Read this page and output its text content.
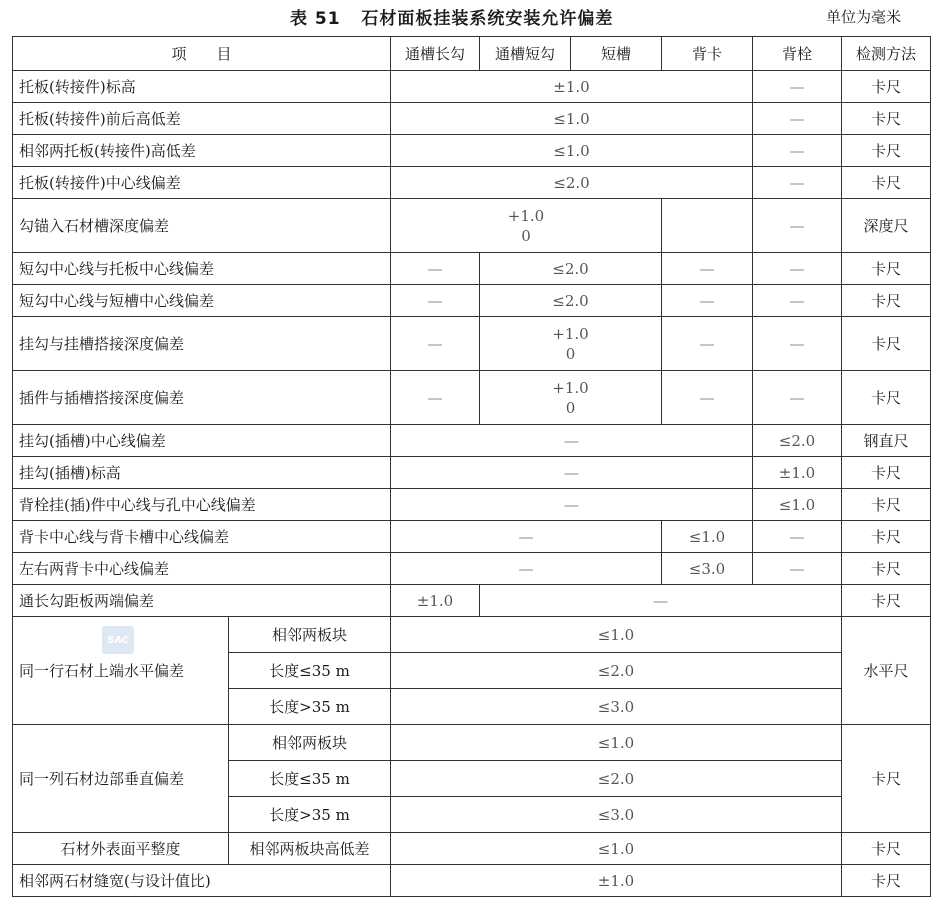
表 51   石材面板挂装系统安装允许偏差	单位为毫米
项　　目		通槽长勾	通槽短勾	短槽	背卡	背栓	检测方法
托板(转接件)标高		±1.0				—	卡尺
托板(转接件)前后高低差		≤1.0				—	卡尺
相邻两托板(转接件)高低差		≤1.0				—	卡尺
托板(转接件)中心线偏差		≤2.0				—	卡尺
勾锚入石材槽深度偏差		+1.0
0				—	深度尺
短勾中心线与托板中心线偏差		—	≤2.0		—	—	卡尺
短勾中心线与短槽中心线偏差		—	≤2.0		—	—	卡尺
挂勾与挂槽搭接深度偏差		—	+1.0
0		—	—	卡尺
插件与插槽搭接深度偏差		—	+1.0
0		—	—	卡尺
挂勾(插槽)中心线偏差		—				≤2.0	钢直尺
挂勾(插槽)标高		—				±1.0	卡尺
背栓挂(插)件中心线与孔中心线偏差		—				≤1.0	卡尺
背卡中心线与背卡槽中心线偏差		—			≤1.0	—	卡尺
左右两背卡中心线偏差		—			≤3.0	—	卡尺
通长勾距板两端偏差		±1.0	—				卡尺
同一行石材上端水平偏差	相邻两板块	≤1.0					水平尺
	长度≤35 m	≤2.0					
	长度>35 m	≤3.0					
同一列石材边部垂直偏差	相邻两板块	≤1.0					卡尺
	长度≤35 m	≤2.0					
	长度>35 m	≤3.0					
石材外表面平整度	相邻两板块高低差	≤1.0					卡尺
相邻两石材缝宽(与设计值比)		±1.0					卡尺
SAC
